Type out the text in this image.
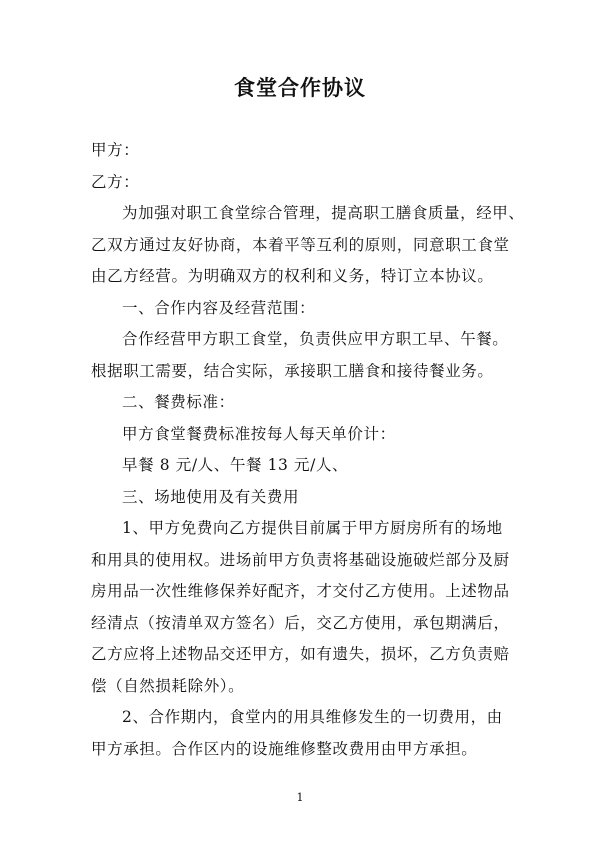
食堂合作协议

甲方：

乙方：

为加强对职工食堂综合管理，提高职工膳食质量，经甲、

乙双方通过友好协商，本着平等互利的原则，同意职工食堂

由乙方经营。为明确双方的权利和义务，特订立本协议。

一、合作内容及经营范围：

合作经营甲方职工食堂，负责供应甲方职工早、午餐。

根据职工需要，结合实际，承接职工膳食和接待餐业务。

二、餐费标准：

甲方食堂餐费标准按每人每天单价计：

早餐 8 元/人、午餐 13 元/人、

三、场地使用及有关费用

1、甲方免费向乙方提供目前属于甲方厨房所有的场地

和用具的使用权。进场前甲方负责将基础设施破烂部分及厨

房用品一次性维修保养好配齐，才交付乙方使用。上述物品

经清点（按清单双方签名）后，交乙方使用，承包期满后，

乙方应将上述物品交还甲方，如有遗失，损坏，乙方负责赔

偿（自然损耗除外）。

2、合作期内，食堂内的用具维修发生的一切费用，由

甲方承担。合作区内的设施维修整改费用由甲方承担。

1
